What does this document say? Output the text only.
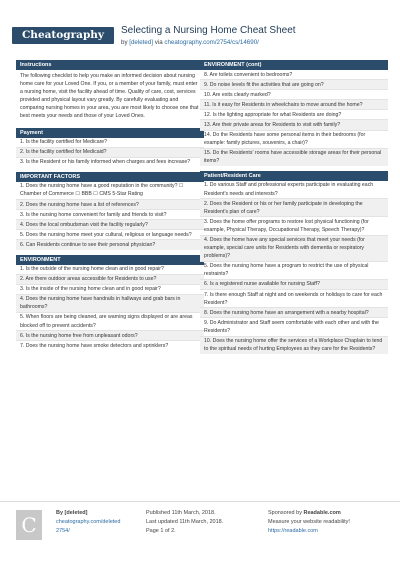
Cheatography	Selecting a Nursing Home Cheat Sheet
by [deleted] via cheatography.com/2754/cs/14690/
Instructions
The following checklist to help you make an informed decision about nursing home care for your Loved One. If you, or a member of your family, must enter a nursing home, visit the facility ahead of time. Quality of care, cost, services provided and physical layout vary greatly. By carefully evaluating and comparing nursing homes in your area, you are most likely to choose one that best meets your needs and those of your Loved Ones.
Payment
1. Is the facility certified for Medicare?
2. Is the facility certified for Medicaid?
3. Is the Resident or his family informed when charges and fees increase?
IMPORTANT FACTORS
1. Does the nursing home have a good reputation in the community? ☐ Chamber of Commerce ☐ BBB ☐ CMS 5-Star Rating
2. Does the nursing home have a list of references?
3. Is the nursing home convenient for family and friends to visit?
4. Does the local ombudsman visit the facility regularly?
5. Does the nursing home meet your cultural, religious or language needs?
6. Can Residents continue to see their personal physician?
ENVIRONMENT
1. Is the outside of the nursing home clean and in good repair?
2. Are there outdoor areas accessible for Residents to use?
3. Is the inside of the nursing home clean and in good repair?
4. Does the nursing home have handrails in hallways and grab bars in bathrooms?
5. When floors are being cleaned, are warning signs displayed or are areas blocked off to prevent accidents?
6. Is the nursing home free from unpleasant odors?
7. Does the nursing home have smoke detectors and sprinklers?
ENVIRONMENT (cont)
8. Are toilets convenient to bedrooms?
9. Do noise levels fit the activities that are going on?
10. Are exits clearly marked?
11. Is it easy for Residents in wheelchairs to move around the home?
12. Is the lighting appropriate for what Residents are doing?
13. Are their private areas for Residents to visit with family?
14. Do the Residents have some personal items in their bedrooms (for example: family pictures, souvenirs, a chair)?
15. Do the Residents' rooms have accessible storage areas for their personal items?
Patient/Resident Care
1. Do various Staff and professional experts participate in evaluating each Resident's needs and interests?
2. Does the Resident or his or her family participate in developing the Resident's plan of care?
3. Does the home offer programs to restore lost physical functioning (for example, Physical Therapy, Occupational Therapy, Speech Therapy)?
4. Does the home have any special services that meet your needs (for example, special care units for Residents with dementia or respiratory problems)?
5. Does the nursing home have a program to restrict the use of physical restraints?
6. Is a registered nurse available for nursing Staff?
7. Is there enough Staff at night and on weekends or holidays to care for each Resident?
8. Does the nursing home have an arrangement with a nearby hospital?
9. Do Administrator and Staff seem comfortable with each other and with the Residents?
10. Does the nursing home offer the services of a Workplace Chaplain to tend to the spiritual needs of hurting Employees as they care for the Residents?
C	By [deleted]
cheatography.com/deleted
2754/
Published 11th March, 2018.
Last updated 11th March, 2018.
Page 1 of 2.
Sponsored by Readable.com
Measure your website readability!
https://readable.com
